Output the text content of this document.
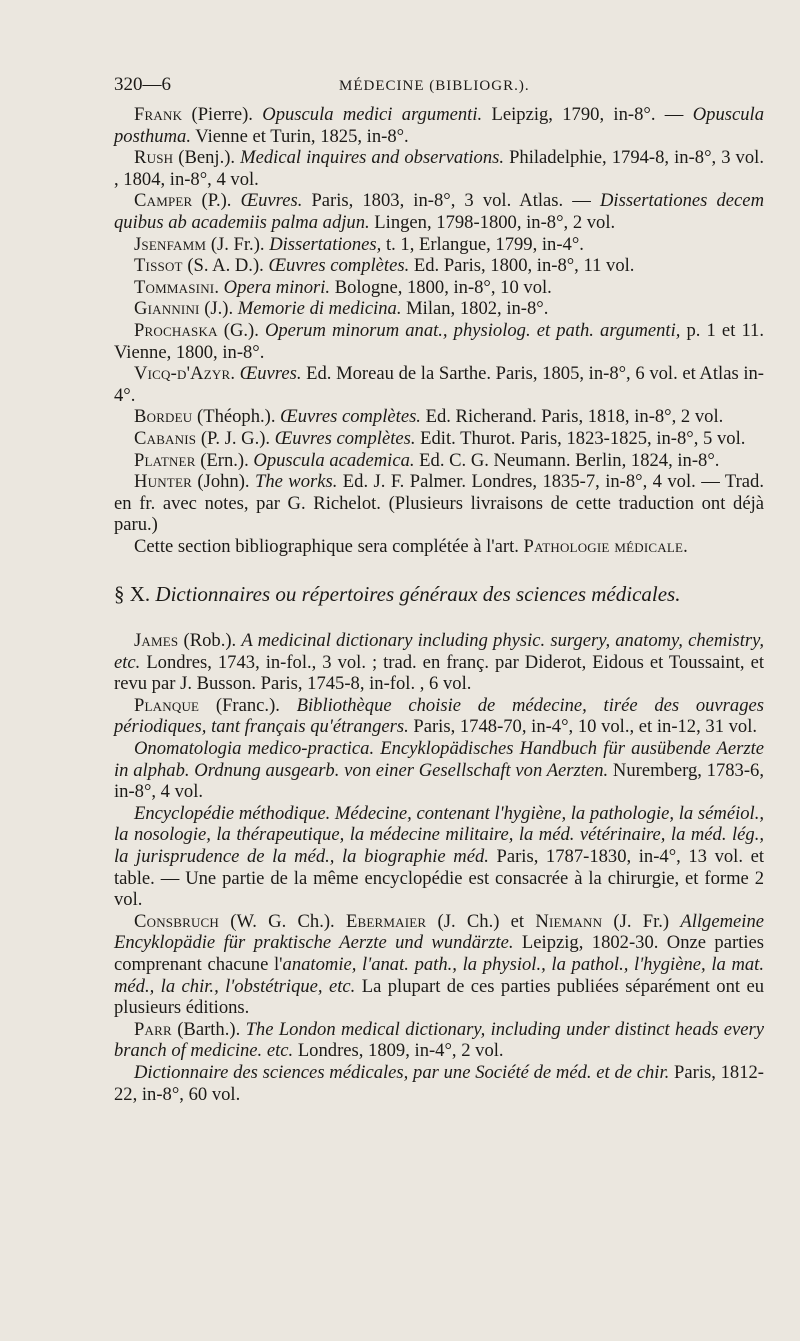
320—6	MÉDECINE (BIBLIOGR.).

Frank (Pierre). Opuscula medici argumenti. Leipzig, 1790, in-8°. — Opuscula posthuma. Vienne et Turin, 1825, in-8°.

Rush (Benj.). Medical inquires and observations. Philadelphie, 1794-8, in-8°, 3 vol. , 1804, in-8°, 4 vol.

Camper (P.). Œuvres. Paris, 1803, in-8°, 3 vol. Atlas. — Dissertationes decem quibus ab academiis palma adjun. Lingen, 1798-1800, in-8°, 2 vol.

Jsenfamm (J. Fr.). Dissertationes, t. 1, Erlangue, 1799, in-4°.

Tissot (S. A. D.). Œuvres complètes. Ed. Paris, 1800, in-8°, 11 vol.

Tommasini. Opera minori. Bologne, 1800, in-8°, 10 vol.

Giannini (J.). Memorie di medicina. Milan, 1802, in-8°.

Prochaska (G.). Operum minorum anat., physiolog. et path. argumenti, p. 1 et 11. Vienne, 1800, in-8°.

Vicq-d'Azyr. Œuvres. Ed. Moreau de la Sarthe. Paris, 1805, in-8°, 6 vol. et Atlas in-4°.

Bordeu (Théoph.). Œuvres complètes. Ed. Richerand. Paris, 1818, in-8°, 2 vol.

Cabanis (P. J. G.). Œuvres complètes. Edit. Thurot. Paris, 1823-1825, in-8°, 5 vol.

Platner (Ern.). Opuscula academica. Ed. C. G. Neumann. Berlin, 1824, in-8°.

Hunter (John). The works. Ed. J. F. Palmer. Londres, 1835-7, in-8°, 4 vol. — Trad. en fr. avec notes, par G. Richelot. (Plusieurs livraisons de cette traduction ont déjà paru.)

Cette section bibliographique sera complétée à l'art. Pathologie médicale.

§ X. Dictionnaires ou répertoires généraux des sciences médicales.

James (Rob.). A medicinal dictionary including physic. surgery, anatomy, chemistry, etc. Londres, 1743, in-fol., 3 vol. ; trad. en franç. par Diderot, Eidous et Toussaint, et revu par J. Busson. Paris, 1745-8, in-fol. , 6 vol.

Planque (Franc.). Bibliothèque choisie de médecine, tirée des ouvrages périodiques, tant français qu'étrangers. Paris, 1748-70, in-4°, 10 vol., et in-12, 31 vol.

Onomatologia medico-practica. Encyklopädisches Handbuch für ausübende Aerzte in alphab. Ordnung ausgearb. von einer Gesellschaft von Aerzten. Nuremberg, 1783-6, in-8°, 4 vol.

Encyclopédie méthodique. Médecine, contenant l'hygiène, la pathologie, la séméiol., la nosologie, la thérapeutique, la médecine militaire, la méd. vétérinaire, la méd. lég., la jurisprudence de la méd., la biographie méd. Paris, 1787-1830, in-4°, 13 vol. et table. — Une partie de la même encyclopédie est consacrée à la chirurgie, et forme 2 vol.

Consbruch (W. G. Ch.). Ebermaier (J. Ch.) et Niemann (J. Fr.) Allgemeine Encyklopädie für praktische Aerzte und wundärzte. Leipzig, 1802-30. Onze parties comprenant chacune l'anatomie, l'anat. path., la physiol., la pathol., l'hygiène, la mat. méd., la chir., l'obstétrique, etc. La plupart de ces parties publiées séparément ont eu plusieurs éditions.

Parr (Barth.). The London medical dictionary, including under distinct heads every branch of medicine. etc. Londres, 1809, in-4°, 2 vol.

Dictionnaire des sciences médicales, par une Société de méd. et de chir. Paris, 1812-22, in-8°, 60 vol.
